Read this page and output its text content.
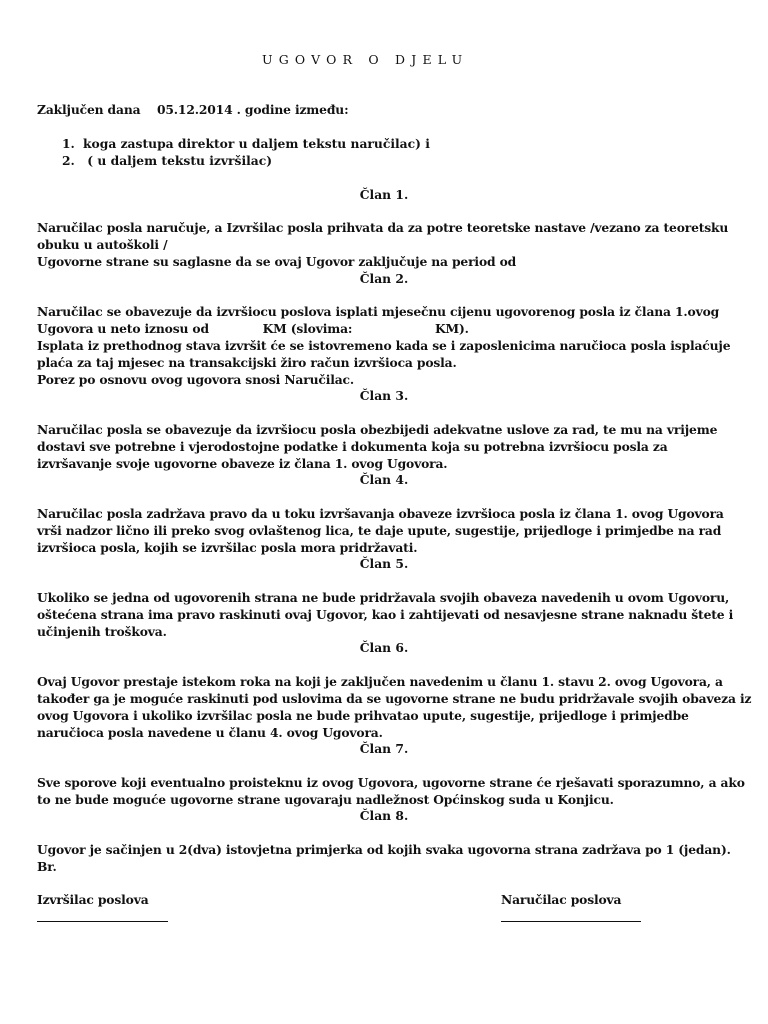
UGOVOR O DJELU
Zaključen dana 05.12.2014 . godine između:
1. koga zastupa direktor u daljem tekstu naručilac) i
2. ( u daljem tekstu izvršilac)
Član 1.
Naručilac posla naručuje, a Izvršilac posla prihvata da za potre teoretske nastave /vezano za teoretsku
obuku u autoškoli /
Ugovorne strane su saglasne da se ovaj Ugovor zaključuje na period od
Član 2.
Naručilac se obavezuje da izvršiocu poslova isplati mjesečnu cijenu ugovorenog posla iz člana 1.ovog
Ugovora u neto iznosu od             KM (slovima:                    KM).
Isplata iz prethodnog stava izvršit će se istovremeno kada se i zaposlenicima naručioca posla isplaćuje
plaća za taj mjesec na transakcijski žiro račun izvršioca posla.
Porez po osnovu ovog ugovora snosi Naručilac.
Član 3.
Naručilac posla se obavezuje da izvršiocu posla obezbijedi adekvatne uslove za rad, te mu na vrijeme
dostavi sve potrebne i vjerodostojne podatke i dokumenta koja su potrebna izvršiocu posla za
izvršavanje svoje ugovorne obaveze iz člana 1. ovog Ugovora.
Član 4.
Naručilac posla zadržava pravo da u toku izvršavanja obaveze izvršioca posla iz člana 1. ovog Ugovora
vrši nadzor lično ili preko svog ovlaštenog lica, te daje upute, sugestije, prijedloge i primjedbe na rad
izvršioca posla, kojih se izvršilac posla mora pridržavati.
Član 5.
Ukoliko se jedna od ugovorenih strana ne bude pridržavala svojih obaveza navedenih u ovom Ugovoru,
oštećena strana ima pravo raskinuti ovaj Ugovor, kao i zahtijevati od nesavjesne strane naknadu štete i
učinjenih troškova.
Član 6.
Ovaj Ugovor prestaje istekom roka na koji je zaključen navedenim u članu 1. stavu 2. ovog Ugovora, a
također ga je moguće raskinuti pod uslovima da se ugovorne strane ne budu pridržavale svojih obaveza iz
ovog Ugovora i ukoliko izvršilac posla ne bude prihvatao upute, sugestije, prijedloge i primjedbe
naručioca posla navedene u članu 4. ovog Ugovora.
Član 7.
Sve sporove koji eventualno proisteknu iz ovog Ugovora, ugovorne strane će rješavati sporazumno, a ako
to ne bude moguće ugovorne strane ugovaraju nadležnost Općinskog suda u Konjicu.
Član 8.
Ugovor je sačinjen u 2(dva) istovjetna primjerka od kojih svaka ugovorna strana zadržava po 1 (jedan).
Br.
Izvršilac poslova	Naručilac poslova
